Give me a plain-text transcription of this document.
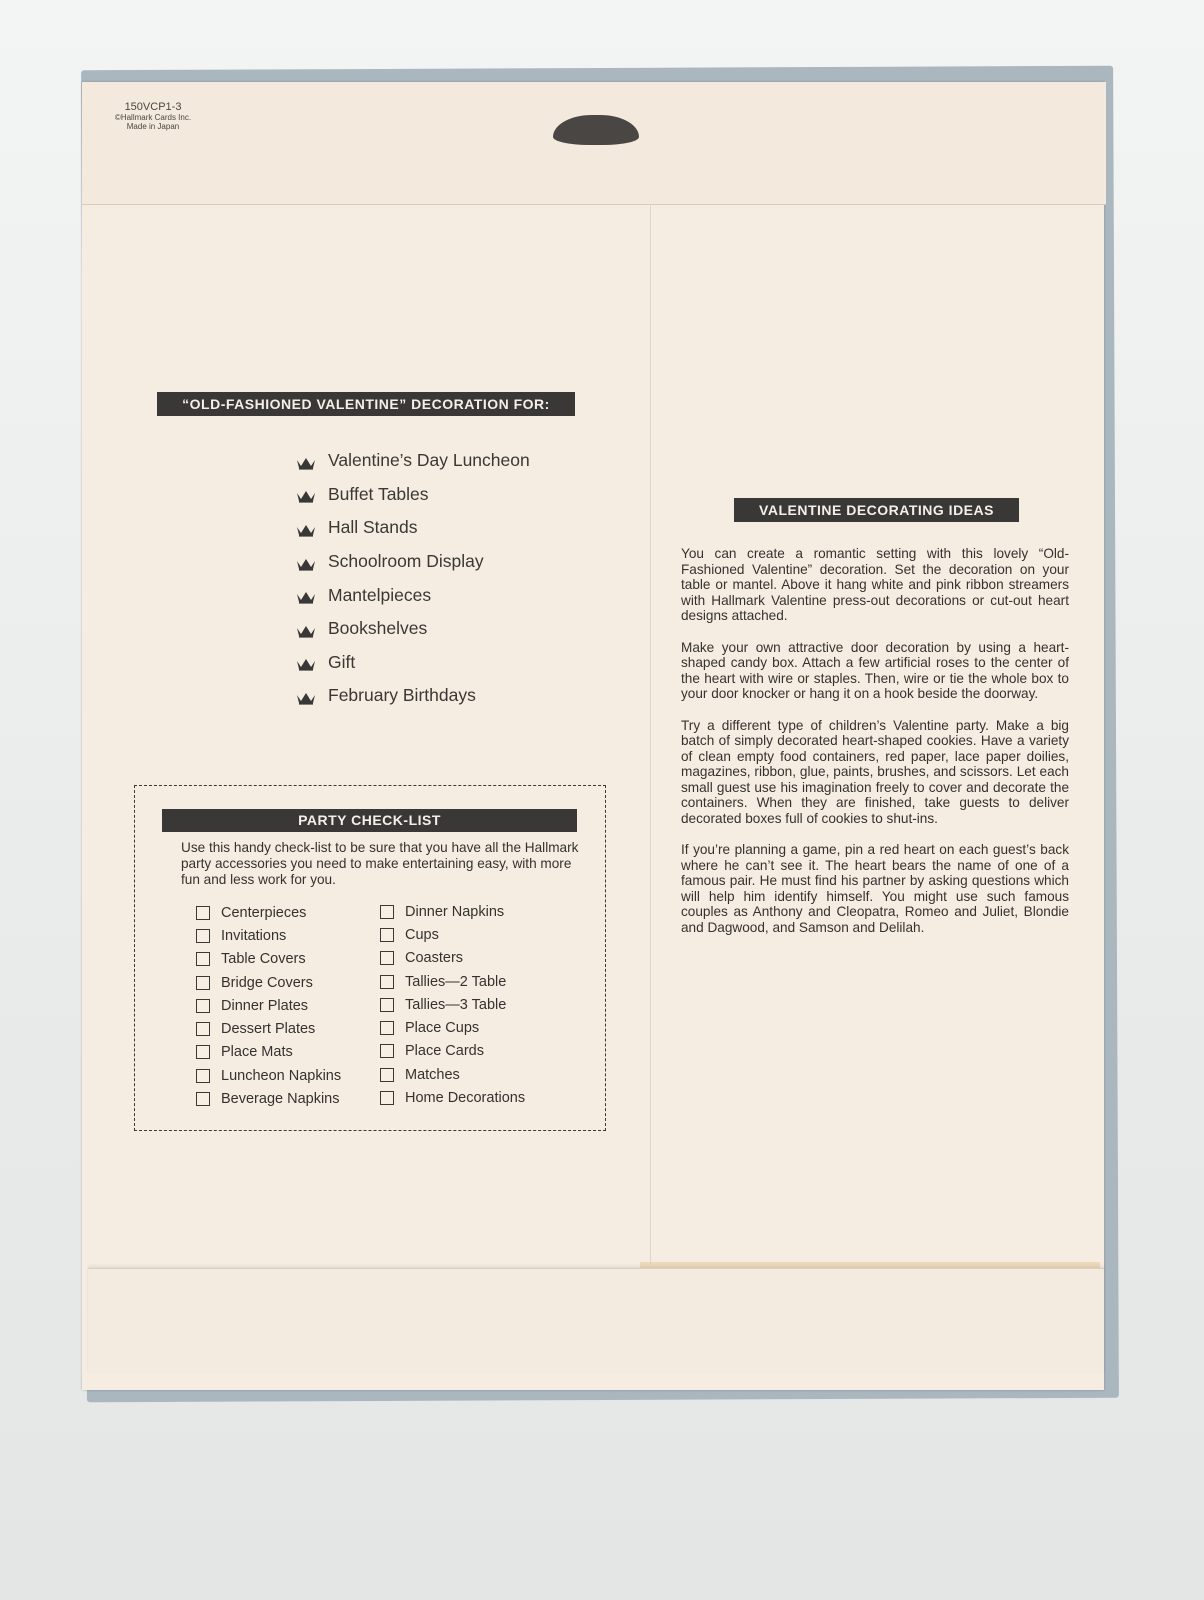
150VCP1-3
©Hallmark Cards Inc.
Made in Japan
“OLD-FASHIONED VALENTINE” DECORATION FOR:
Valentine’s Day Luncheon
Buffet Tables
Hall Stands
Schoolroom Display
Mantelpieces
Bookshelves
Gift
February Birthdays
PARTY CHECK-LIST
Use this handy check-list to be sure that you have all the Hallmark party accessories you need to make entertaining easy, with more fun and less work for you.
Centerpieces
Invitations
Table Covers
Bridge Covers
Dinner Plates
Dessert Plates
Place Mats
Luncheon Napkins
Beverage Napkins
Dinner Napkins
Cups
Coasters
Tallies—2 Table
Tallies—3 Table
Place Cups
Place Cards
Matches
Home Decorations
VALENTINE DECORATING IDEAS

You can create a romantic setting with this lovely “Old-Fashioned Valentine” decoration. Set the decoration on your table or mantel. Above it hang white and pink ribbon streamers with Hallmark Valentine press-out decorations or cut-out heart designs attached.

Make your own attractive door decoration by using a heart-shaped candy box. Attach a few artificial roses to the center of the heart with wire or staples. Then, wire or tie the whole box to your door knocker or hang it on a hook beside the doorway.

Try a different type of children’s Valentine party. Make a big batch of simply decorated heart-shaped cookies. Have a variety of clean empty food containers, red paper, lace paper doilies, magazines, ribbon, glue, paints, brushes, and scissors. Let each small guest use his imagination freely to cover and decorate the containers. When they are finished, take guests to deliver decorated boxes full of cookies to shut-ins.

If you’re planning a game, pin a red heart on each guest’s back where he can’t see it. The heart bears the name of one of a famous pair. He must find his partner by asking questions which will help him identify himself. You might use such famous couples as Anthony and Cleopatra, Romeo and Juliet, Blondie and Dagwood, and Samson and Delilah.
